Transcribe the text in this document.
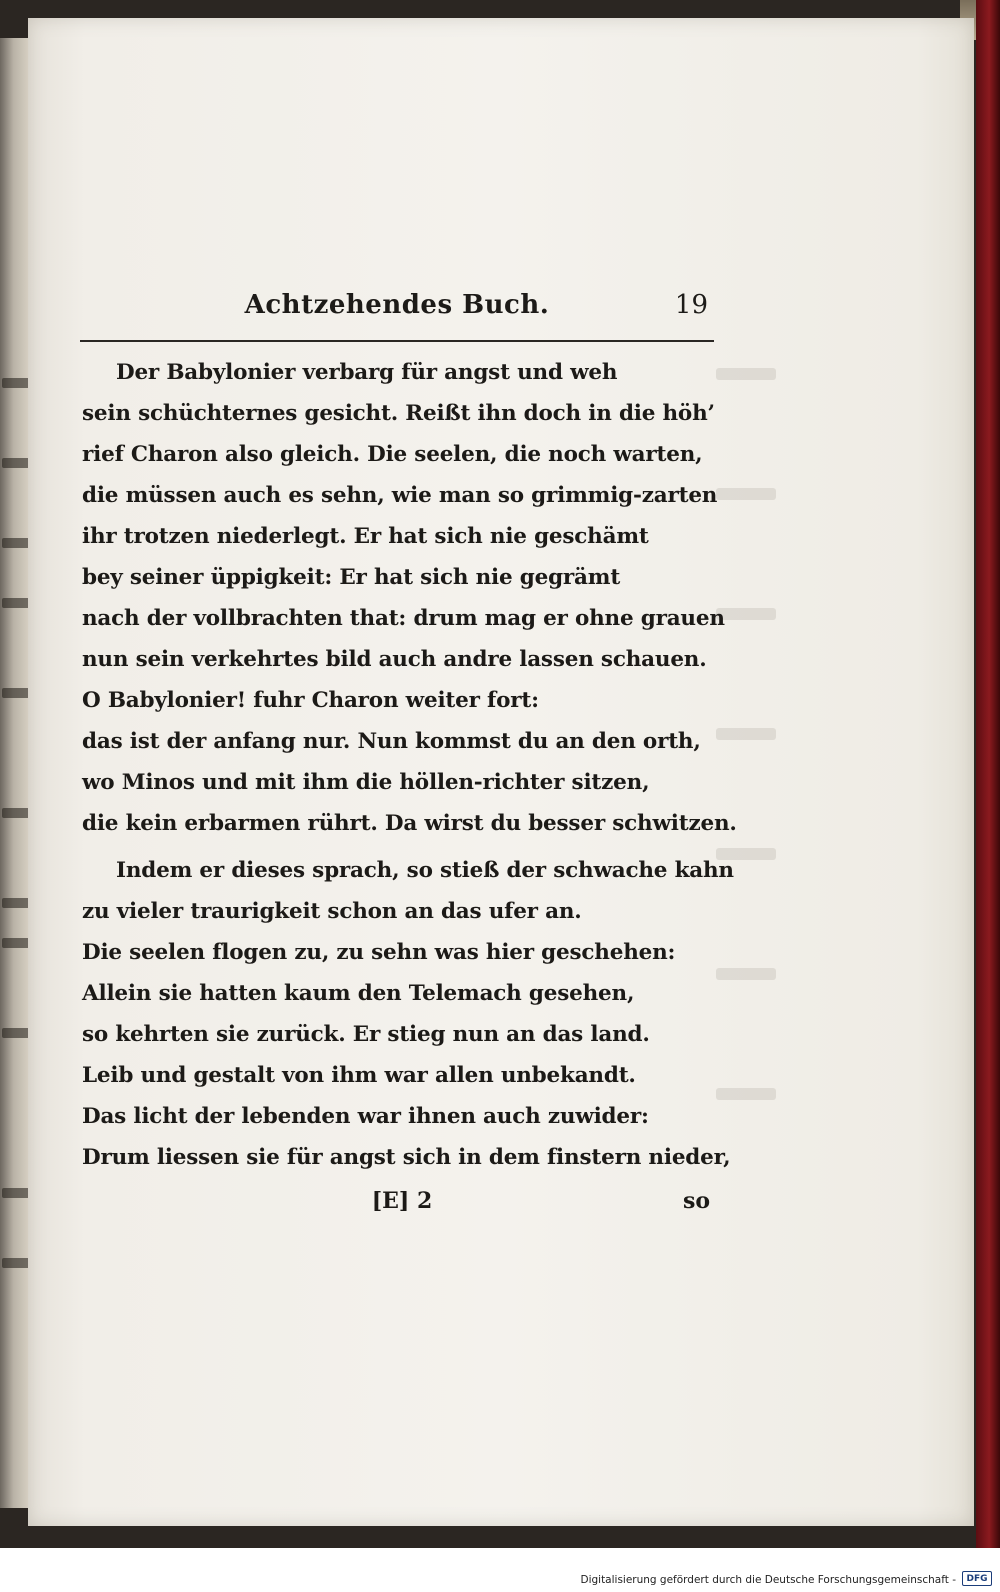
Achtzehendes Buch.	19
Der Babylonier verbarg für angst und weh
sein schüchternes gesicht. Reißt ihn doch in die höh’
rief Charon also gleich. Die seelen, die noch warten,
die müssen auch es sehn, wie man so grimmig-zarten
ihr trotzen niederlegt. Er hat sich nie geschämt
bey seiner üppigkeit: Er hat sich nie gegrämt
nach der vollbrachten that: drum mag er ohne grauen
nun sein verkehrtes bild auch andre lassen schauen.
O Babylonier! fuhr Charon weiter fort:
das ist der anfang nur. Nun kommst du an den orth,
wo Minos und mit ihm die höllen-richter sitzen,
die kein erbarmen rührt. Da wirst du besser schwitzen.
Indem er dieses sprach, so stieß der schwache kahn
zu vieler traurigkeit schon an das ufer an.
Die seelen flogen zu, zu sehn was hier geschehen:
Allein sie hatten kaum den Telemach gesehen,
so kehrten sie zurück. Er stieg nun an das land.
Leib und gestalt von ihm war allen unbekandt.
Das licht der lebenden war ihnen auch zuwider:
Drum liessen sie für angst sich in dem finstern nieder,
[E] 2	so
Digitalisierung gefördert durch die Deutsche Forschungsgemeinschaft -	DFG
